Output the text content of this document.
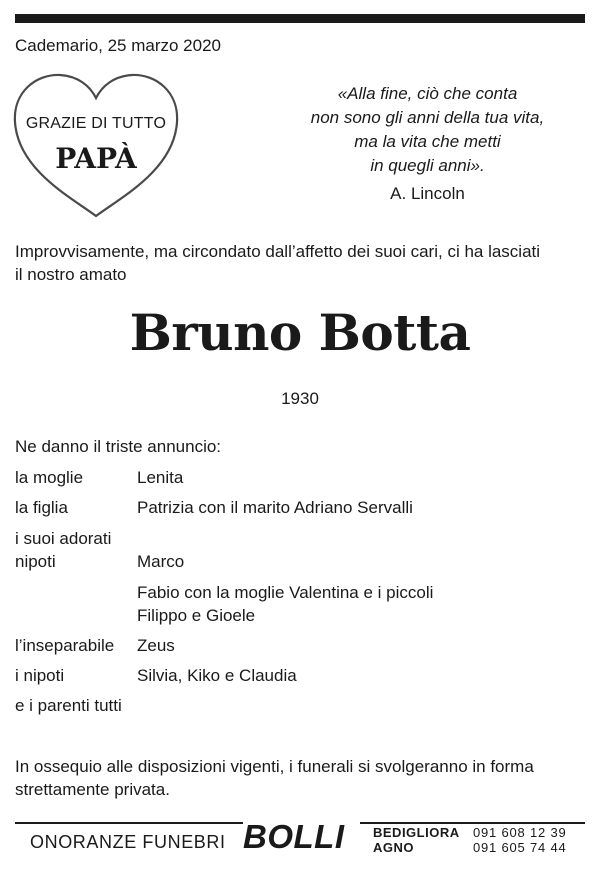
Cademario, 25 marzo 2020
GRAZIE DI TUTTO
PAPÀ
«Alla fine, ciò che conta
non sono gli anni della tua vita,
ma la vita che metti
in quegli anni».
A. Lincoln
Improvvisamente, ma circondato dall’affetto dei suoi cari, ci ha lasciati
il nostro amato
Bruno Botta
1930
Ne danno il triste annuncio:
la moglie	Lenita
la figlia	Patrizia con il marito Adriano Servalli
i suoi adorati
nipoti	Marco
Fabio con la moglie Valentina e i piccoli
Filippo e Gioele
l’inseparabile Zeus
i nipoti	Silvia, Kiko e Claudia
e i parenti tutti
In ossequio alle disposizioni vigenti, i funerali si svolgeranno in forma
strettamente privata.
ONORANZE FUNEBRI BOLLI BEDIGLIORA 091 608 12 39
AGNO	091 605 74 44
